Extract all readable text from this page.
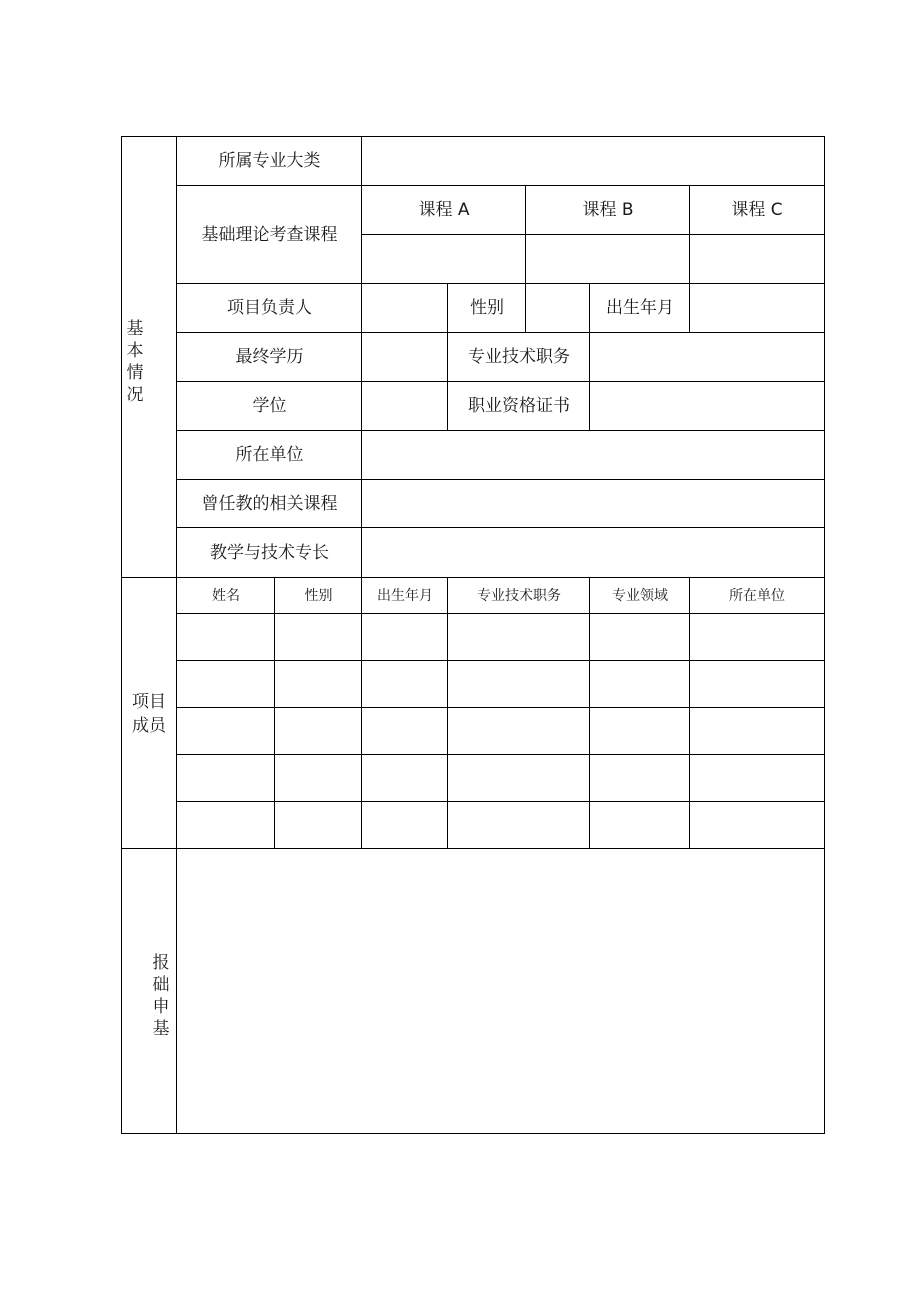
基
本
情
况
项目
成员
报
础
申
基
所属专业大类
基础理论考查课程
课程 A	课程 B	课程 C
项目负责人	性别	出生年月
最终学历	专业技术职务
学位	职业资格证书
所在单位
曾任教的相关课程
教学与技术专长
姓名	性别	出生年月	专业技术职务	专业领域	所在单位
